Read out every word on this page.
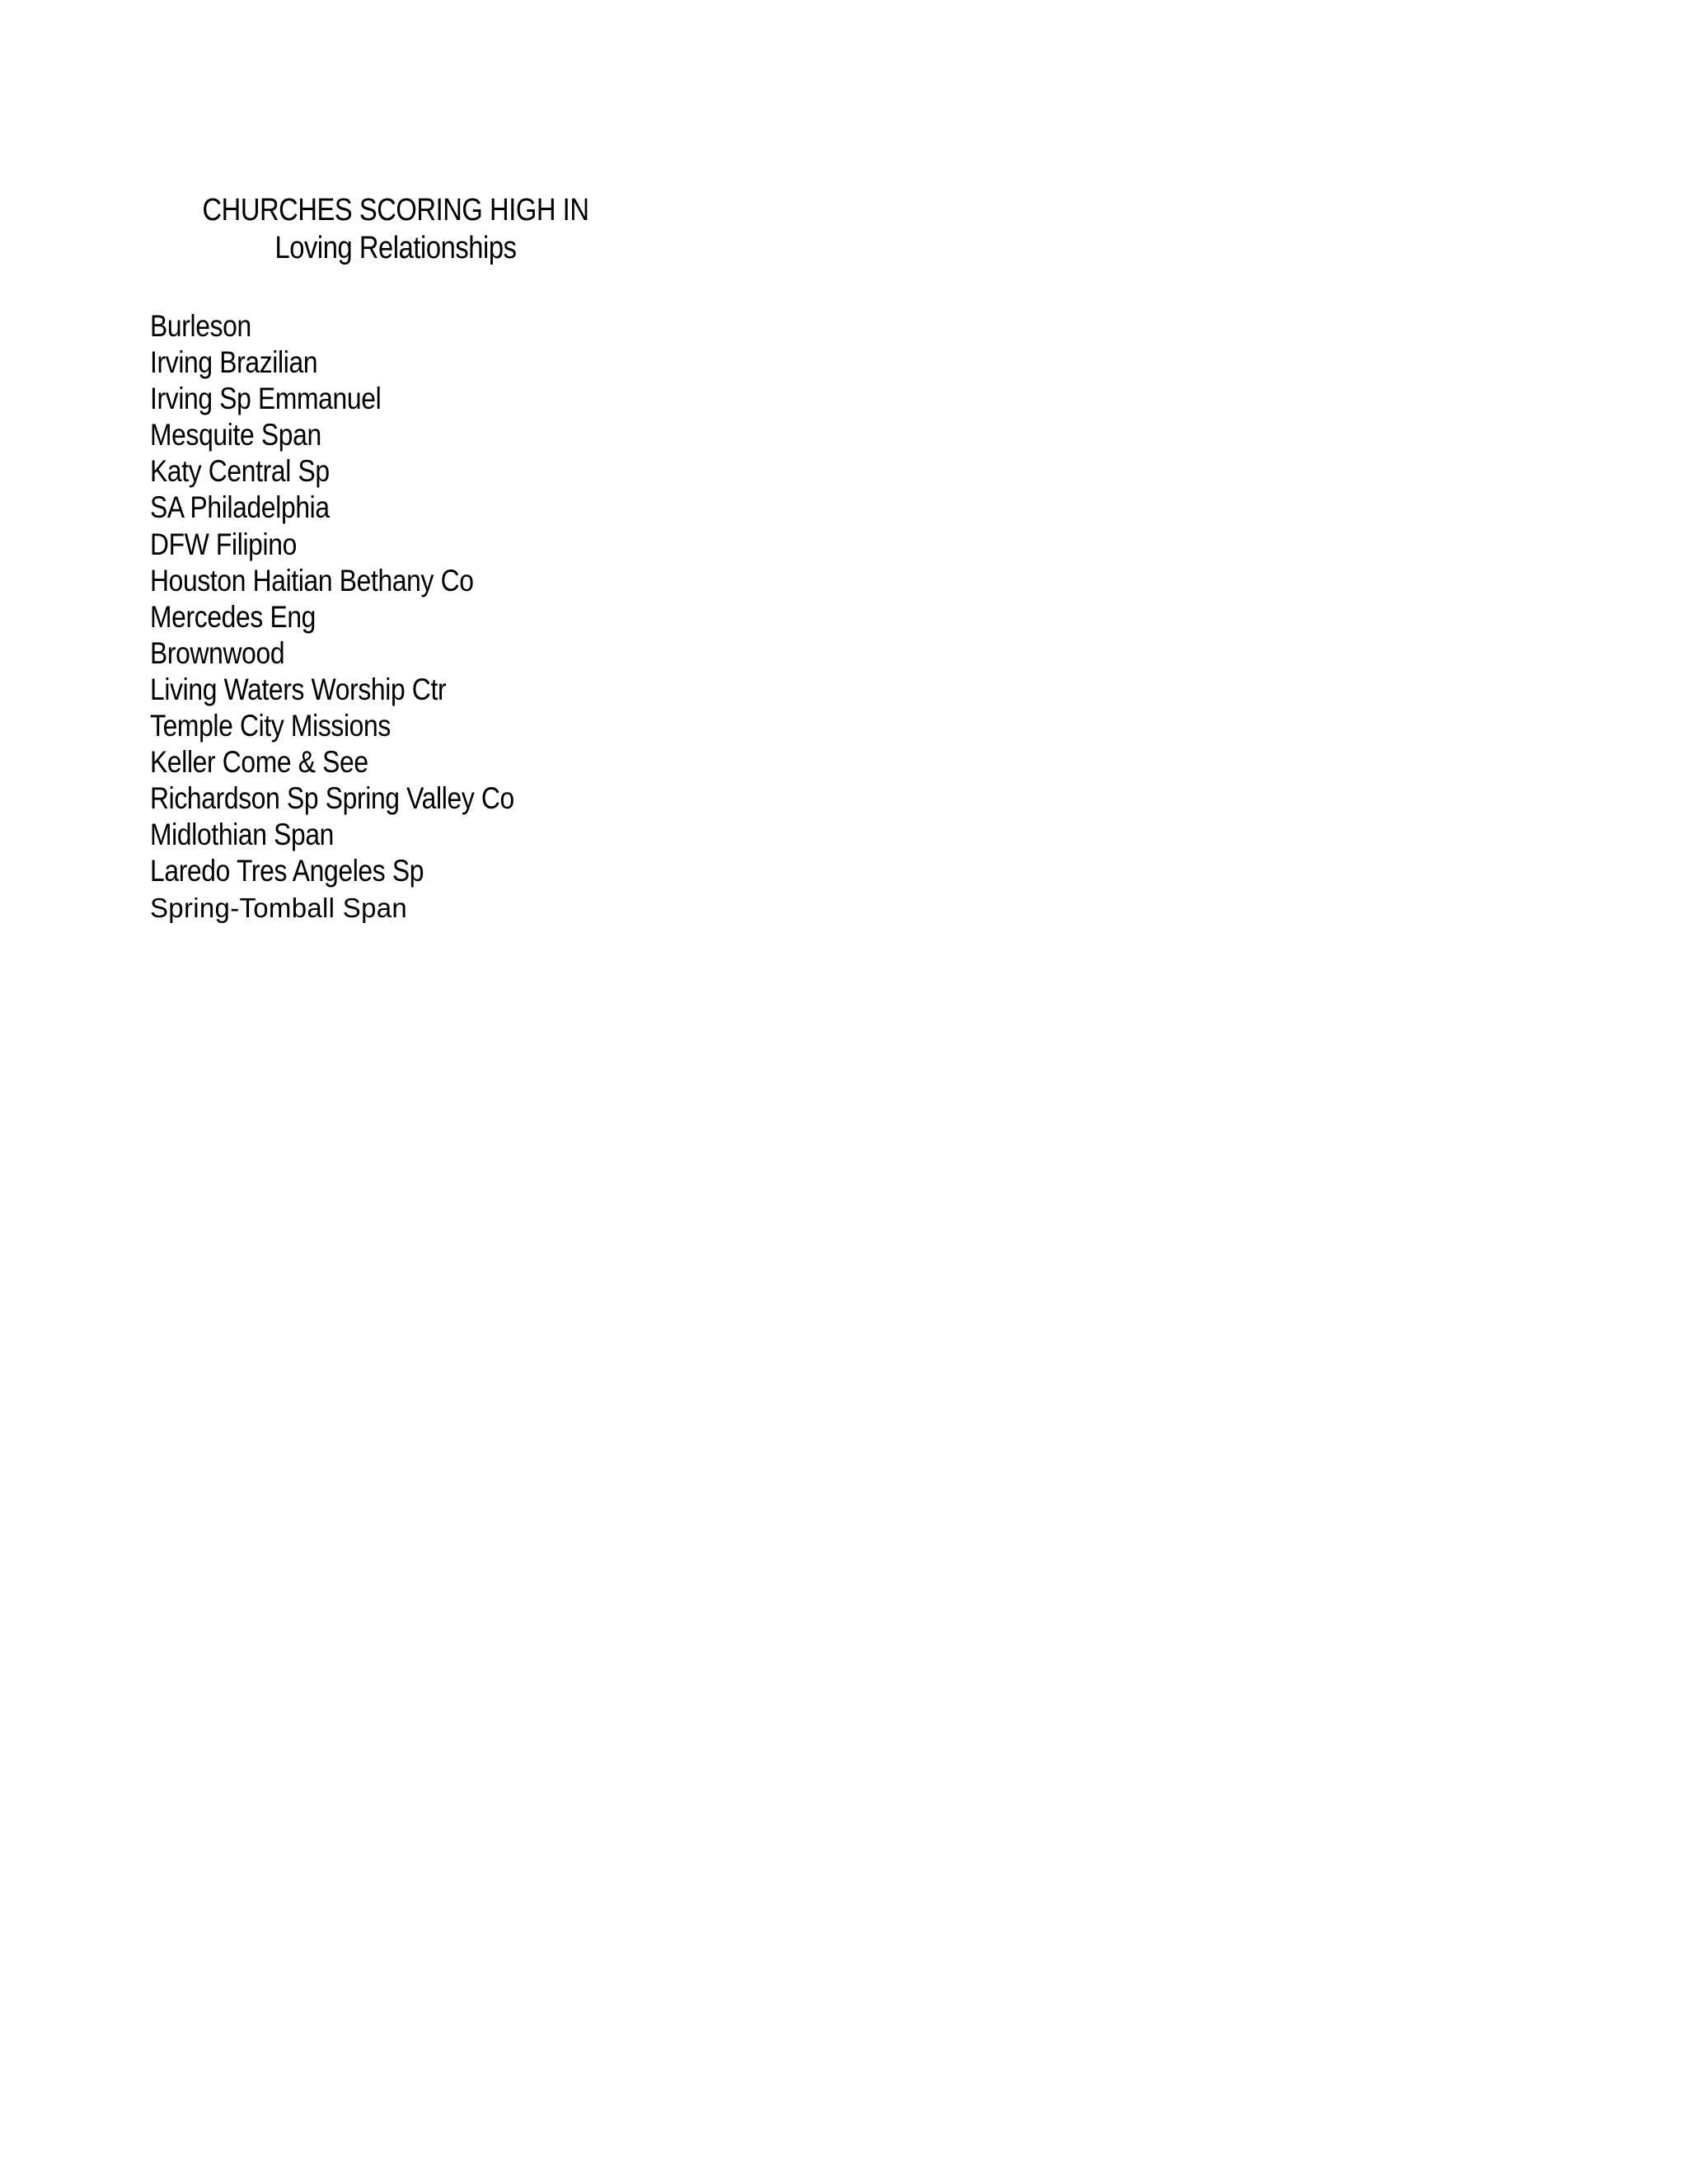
CHURCHES SCORING HIGH IN
Loving Relationships
Burleson
Irving Brazilian
Irving Sp Emmanuel
Mesquite Span
Katy Central Sp
SA Philadelphia
DFW Filipino
Houston Haitian Bethany Co
Mercedes Eng
Brownwood
Living Waters Worship Ctr
Temple City Missions
Keller Come & See
Richardson Sp Spring Valley Co
Midlothian Span
Laredo Tres Angeles Sp
Spring-Tomball Span
